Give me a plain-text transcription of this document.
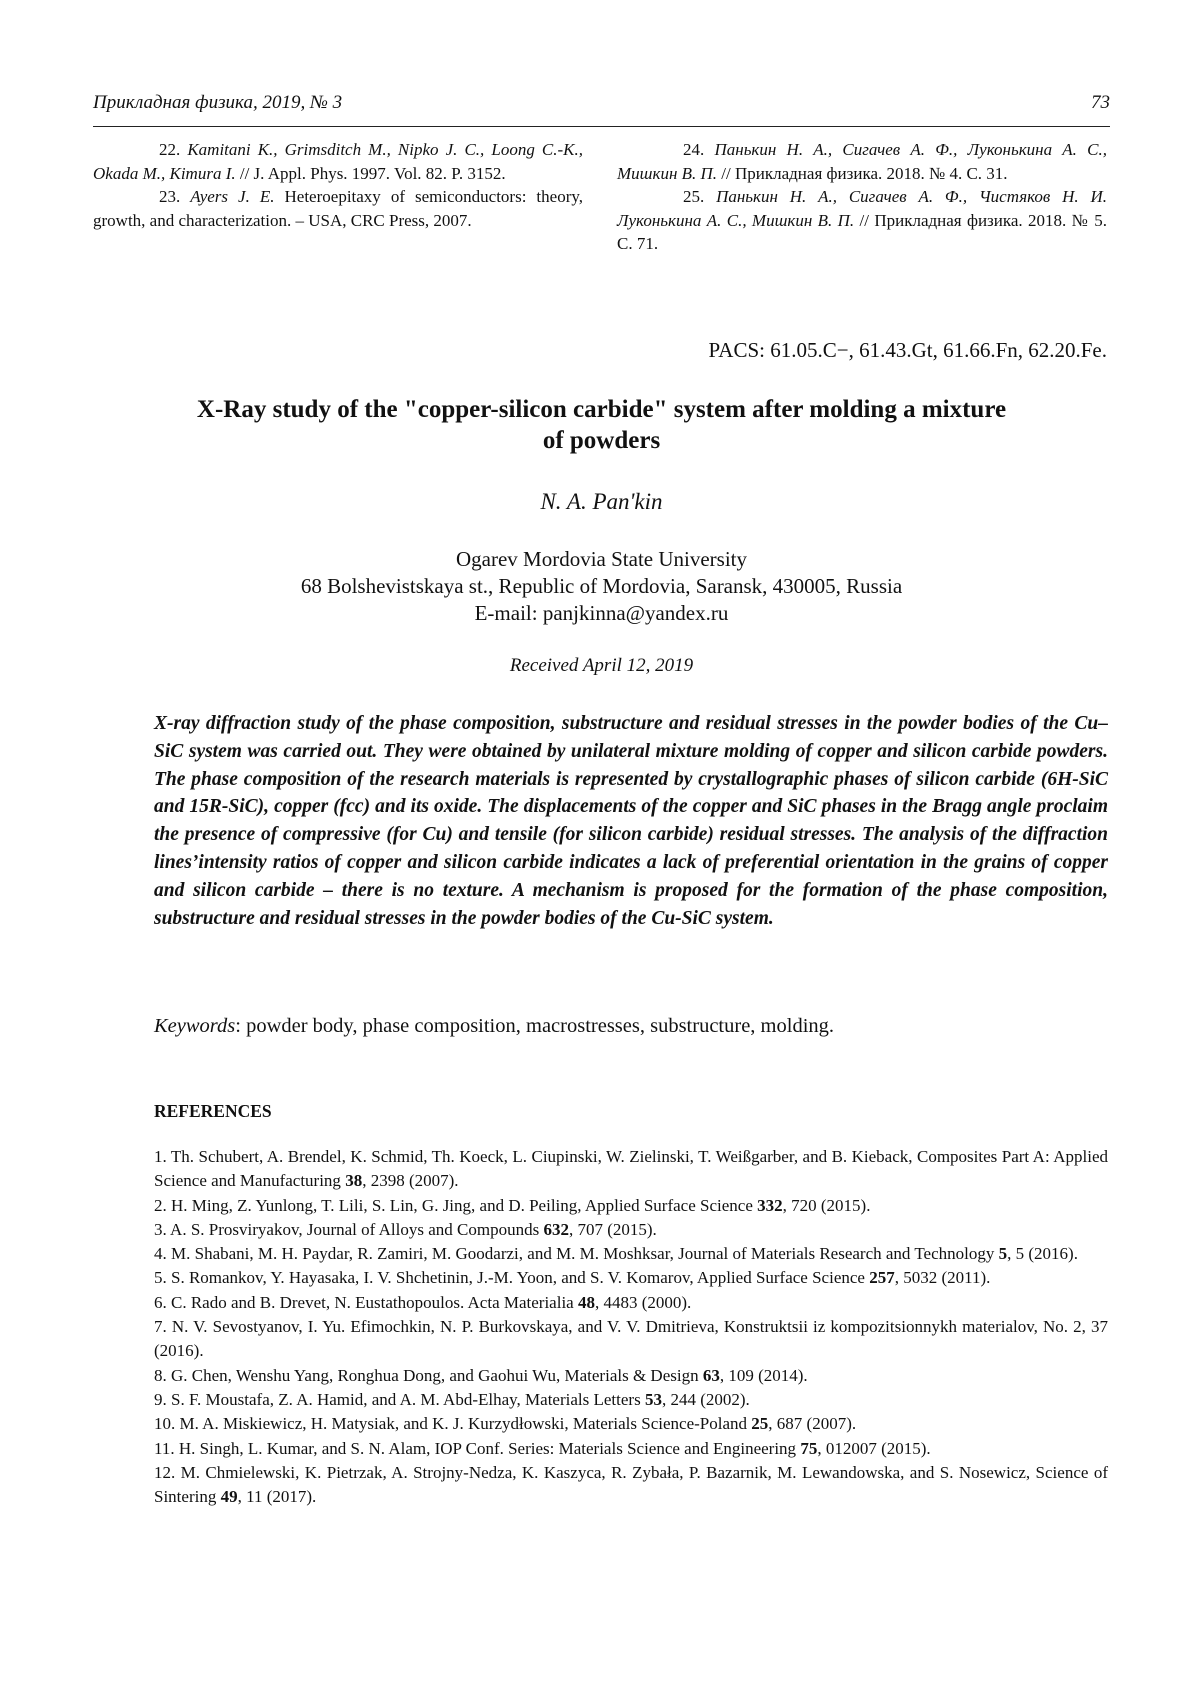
Прикладная физика, 2019, № 3	73

22. Kamitani K., Grimsditch M., Nipko J. C., Loong C.-K., Okada M., Kimura I. // J. Appl. Phys. 1997. Vol. 82. P. 3152.

23. Ayers J. E. Heteroepitaxy of semiconductors: theory, growth, and characterization. – USA, CRC Press, 2007.

24. Панькин Н. А., Сигачев А. Ф., Луконькина А. С., Мишкин В. П. // Прикладная физика. 2018. № 4. С. 31.

25. Панькин Н. А., Сигачев А. Ф., Чистяков Н. И. Луконькина А. С., Мишкин В. П. // Прикладная физика. 2018. № 5. С. 71.

PACS: 61.05.C−, 61.43.Gt, 61.66.Fn, 62.20.Fe.
X-Ray study of the "copper-silicon carbide" system after molding a mixture
of powders
N. A. Pan'kin
Ogarev Mordovia State University
68 Bolshevistskaya st., Republic of Mordovia, Saransk, 430005, Russia
E-mail: panjkinna@yandex.ru
Received April 12, 2019

X-ray diffraction study of the phase composition, substructure and residual stresses in the powder bodies of the Cu–SiC system was carried out. They were obtained by unilateral mixture molding of copper and silicon carbide powders. The phase composition of the research materials is represented by crystallographic phases of silicon carbide (6H-SiC and 15R-SiC), copper (fcc) and its oxide. The displacements of the copper and SiC phases in the Bragg angle proclaim the presence of compressive (for Cu) and tensile (for silicon carbide) residual stresses. The analysis of the diffraction lines’intensity ratios of copper and silicon carbide indicates a lack of preferential orientation in the grains of copper and silicon carbide – there is no texture. A mechanism is proposed for the formation of the phase composition, substructure and residual stresses in the powder bodies of the Cu-SiC system.

Keywords: powder body, phase composition, macrostresses, substructure, molding.
REFERENCES
1. Th. Schubert, A. Brendel, K. Schmid, Th. Koeck, L. Ciupinski, W. Zielinski, T. Weißgarber, and B. Kieback, Composites Part A: Applied Science and Manufacturing 38, 2398 (2007).
2. H. Ming, Z. Yunlong, T. Lili, S. Lin, G. Jing, and D. Peiling, Applied Surface Science 332, 720 (2015).
3. A. S. Prosviryakov, Journal of Alloys and Compounds 632, 707 (2015).
4. M. Shabani, M. H. Paydar, R. Zamiri, M. Goodarzi, and M. M. Moshksar, Journal of Materials Research and Technology 5, 5 (2016).
5. S. Romankov, Y. Hayasaka, I. V. Shchetinin, J.-M. Yoon, and S. V. Komarov, Applied Surface Science 257, 5032 (2011).
6. C. Rado and B. Drevet, N. Eustathopoulos. Acta Materialia 48, 4483 (2000).
7. N. V. Sevostyanov, I. Yu. Efimochkin, N. P. Burkovskaya, and V. V. Dmitrieva, Konstruktsii iz kompozitsionnykh materialov, No. 2, 37 (2016).
8. G. Chen, Wenshu Yang, Ronghua Dong, and Gaohui Wu, Materials & Design 63, 109 (2014).
9. S. F. Moustafa, Z. A. Hamid, and A. M. Abd-Elhay, Materials Letters 53, 244 (2002).
10. M. A. Miskiewicz, H. Matysiak, and K. J. Kurzydłowski, Materials Science-Poland 25, 687 (2007).
11. H. Singh, L. Kumar, and S. N. Alam, IOP Conf. Series: Materials Science and Engineering 75, 012007 (2015).
12. M. Chmielewski, K. Pietrzak, A. Strojny-Nedza, K. Kaszyca, R. Zybała, P. Bazarnik, M. Lewandowska, and S. Nosewicz, Science of Sintering 49, 11 (2017).
